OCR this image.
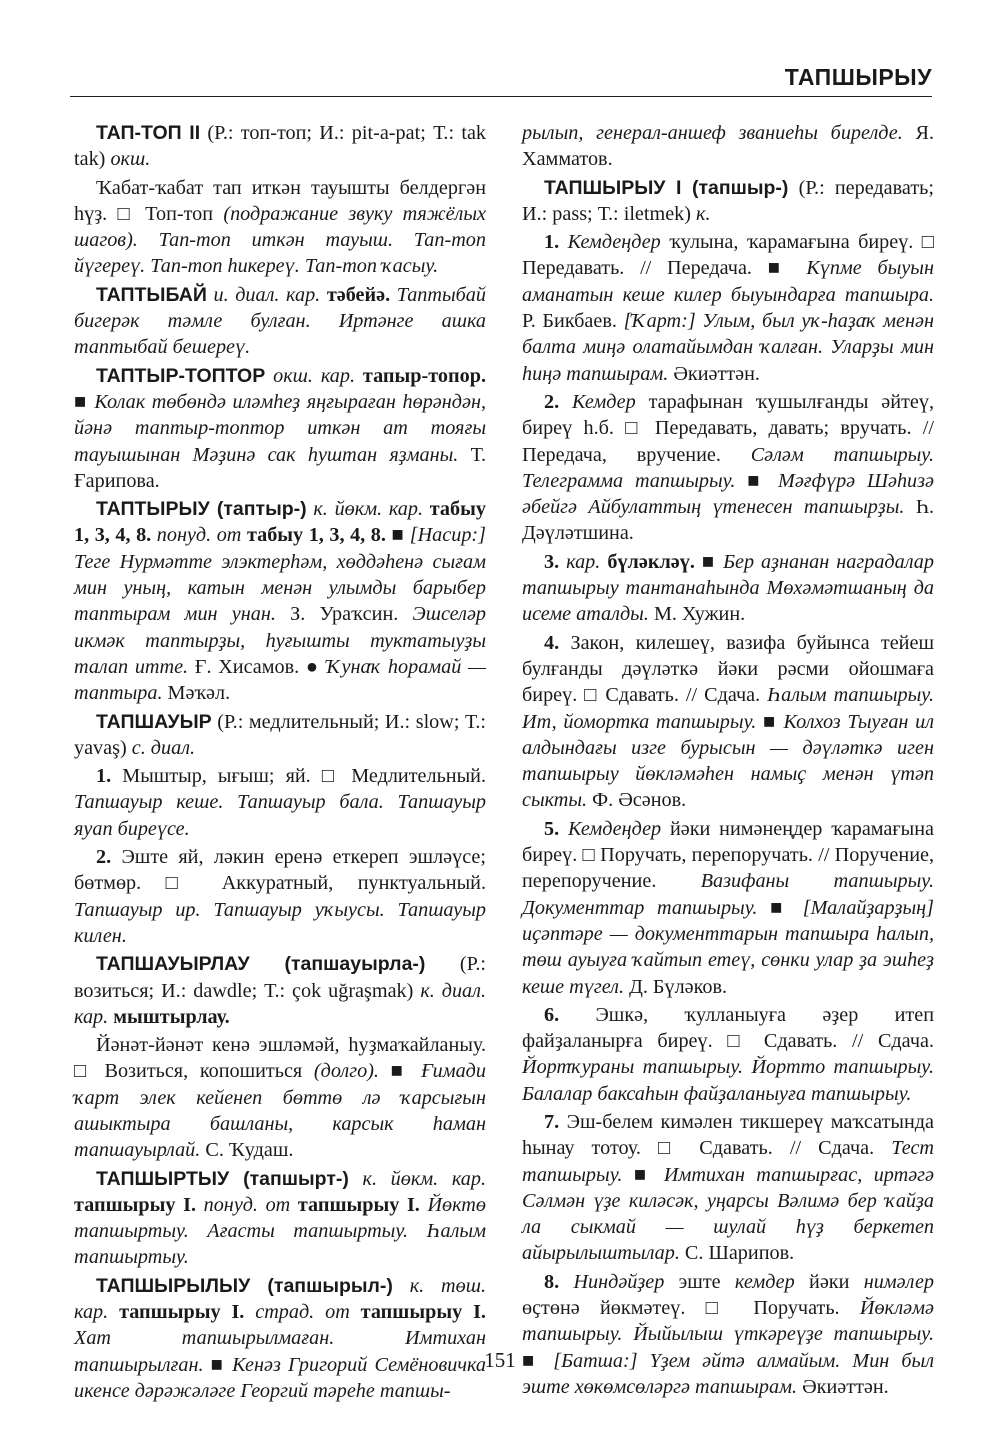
ТАПШЫРЫУ

ТАП-ТОП II (Р.: топ-топ; И.: pit-a-pat; Т.: tak tak) окш.

Ҡабат-ҡабат тап иткән тауышты белдергән һүҙ. □ Топ-топ (подражание звуку тяжёлых шагов). Тап-топ иткән тауыш. Тап-топ йүгереү. Тап-топ һикереү. Тап-топ ҡасыу.

ТАПТЫБАЙ и. диал. кар. тәбейә. Таптыбай бигерәк тәмле булған. Иртәнге ашка таптыбай бешереү.

ТАПТЫР-ТОПТОР окш. кар. тапыр-топор. ■ Колак төбөндә иләмһеҙ яңғыраған һөрәндән, йәнә таптыр-топтор иткән ат тояғы тауышынан Мәҙинә сак һуштан яҙманы. Т. Ғарипова.

ТАПТЫРЫУ (таптыр-) к. йөкм. кар. табыу 1, 3, 4, 8. понуд. от табыу 1, 3, 4, 8. ■ [Насир:] Теге Нурмәтте элэктерһәм, хөддәһенә сығам мин уның, катын менән улымды барыбер таптырам мин унан. З. Ураҡсин. Эшселәр икмәк таптырҙы, һуғышты туктатыуҙы талап итте. Ғ. Хисамов. ● Ҡунаҡ һорамай — таптыра. Мәҡәл.

ТАПШАУЫР (Р.: медлительный; И.: slow; Т.: yavaş) с. диал.

1. Мыштыр, ығыш; яй. □ Медлительный. Тапшауыр кеше. Тапшауыр бала. Тапшауыр яуап биреүсе.

2. Эште яй, ләкин еренә еткереп эшләүсе; бөтмөр. □ Аккуратный, пунктуальный. Тапшауыр ир. Тапшауыр уҡыусы. Тапшауыр килен.

ТАПШАУЫРЛАУ (тапшауырла-) (Р.: возиться; И.: dawdle; Т.: çok uğraşmak) к. диал. кар. мыштырлау.

Йәнәт-йәнәт кенә эшләмәй, һуҙмаҡайланыу. □ Возиться, копошиться (долго). ■ Ғимади ҡарт элек кейенеп бөттө лә ҡарсығын ашыктыра башланы, карсык һаман тапшауырлай. С. Ҡудаш.

ТАПШЫРТЫУ (тапшырт-) к. йөкм. кар. тапшырыу I. понуд. от тапшырыу I. Йөктө тапшыртыу. Ағасты тапшыртыу. Һалым тапшыртыу.

ТАПШЫРЫЛЫУ (тапшырыл-) к. төш. кар. тапшырыу I. страд. от тапшырыу I. Хат тапшырылмаған. Имтихан тапшырылған. ■ Кенәз Григорий Семёновичка икенсе дәрәжәләге Георгий тәреһе тапшы-

рылып, генерал-аншеф званиеһы бирелде. Я. Хамматов.

ТАПШЫРЫУ I (тапшыр-) (Р.: передавать; И.: pass; Т.: iletmek) к.

1. Кемдеңдер ҡулына, ҡарамағына биреү. □ Передавать. // Передача. ■ Күпме быуын аманатын кешe килер быуындарға тапшыра. Р. Бикбаев. [Ҡарт:] Улым, был уҡ-һаҙаҡ менән балта миңә олатайымдан ҡалған. Уларҙы мин һиңә тапшырам. Әкиәттән.

2. Кемдер тарафынан ҡушылғанды әйтеү, биреү һ.б. □ Передавать, давать; вручать. // Передача, вручение. Сәләм тапшырыу. Телеграмма тапшырыу. ■ Мәғфүрә Шәһизә әбейгә Айбулаттың үтенесен тапшырҙы. Һ. Дәүләтшина.

3. кар. бүләкләү. ■ Бер аҙнанан наградалар тапшырыу тантанаһында Мөхәмәтшаның да исеме аталды. М. Хужин.

4. Закон, килешеү, вазифа буйынса тейеш булғанды дәүләткә йәки рәсми ойошмаға биреү. □ Сдавать. // Сдача. Һалым тапшырыу. Ит, йомортка тапшырыу. ■ Колхоз Тыуған ил алдындағы изге бурысын — дәүләткә иген тапшырыу йөкләмәһен намыҫ менән үтәп сыкты. Ф. Әсәнов.

5. Кемдеңдер йәки нимәнеңдер ҡарамағына биреү. □ Поручать, перепоручать. // Поручение, перепоручение. Вазифаны тапшырыу. Документтар тапшырыу. ■ [Малайҙарҙың] иҫәптәре — документтарын тапшыра һалып, төш ауыуға ҡайтып етеү, сөнки улар ҙа эшһеҙ кеше түгел. Д. Бүләков.

6. Эшкә, ҡулланыуға әҙер итеп файҙаланырға биреү. □ Сдавать. // Сдача. Йортҡураны тапшырыу. Йортто тапшырыу. Балалар баксаһын файҙаланыуға тапшырыу.

7. Эш-белем кимәлен тикшереү маҡсатында һынау тотоу. □ Сдавать. // Сдача. Тест тапшырыу. ■ Имтихан тапшырғас, иртәгә Сәлмән үҙе киләсәк, уңарсы Вәлимә бер ҡайҙа ла сыкмай — шулай һүҙ беркетеп айырылыштылар. С. Шарипов.

8. Ниндәйҙер эште кемдер йәки нимәлер өҫтөнә йөкмәтеү. □ Поручать. Йөкләмә тапшырыу. Йыйылыш үткәреүҙе тапшырыу. ■ [Батша:] Үҙем әйтә алмайым. Мин был эште хөкөмсөләргә тапшырам. Әкиәттән.

151
